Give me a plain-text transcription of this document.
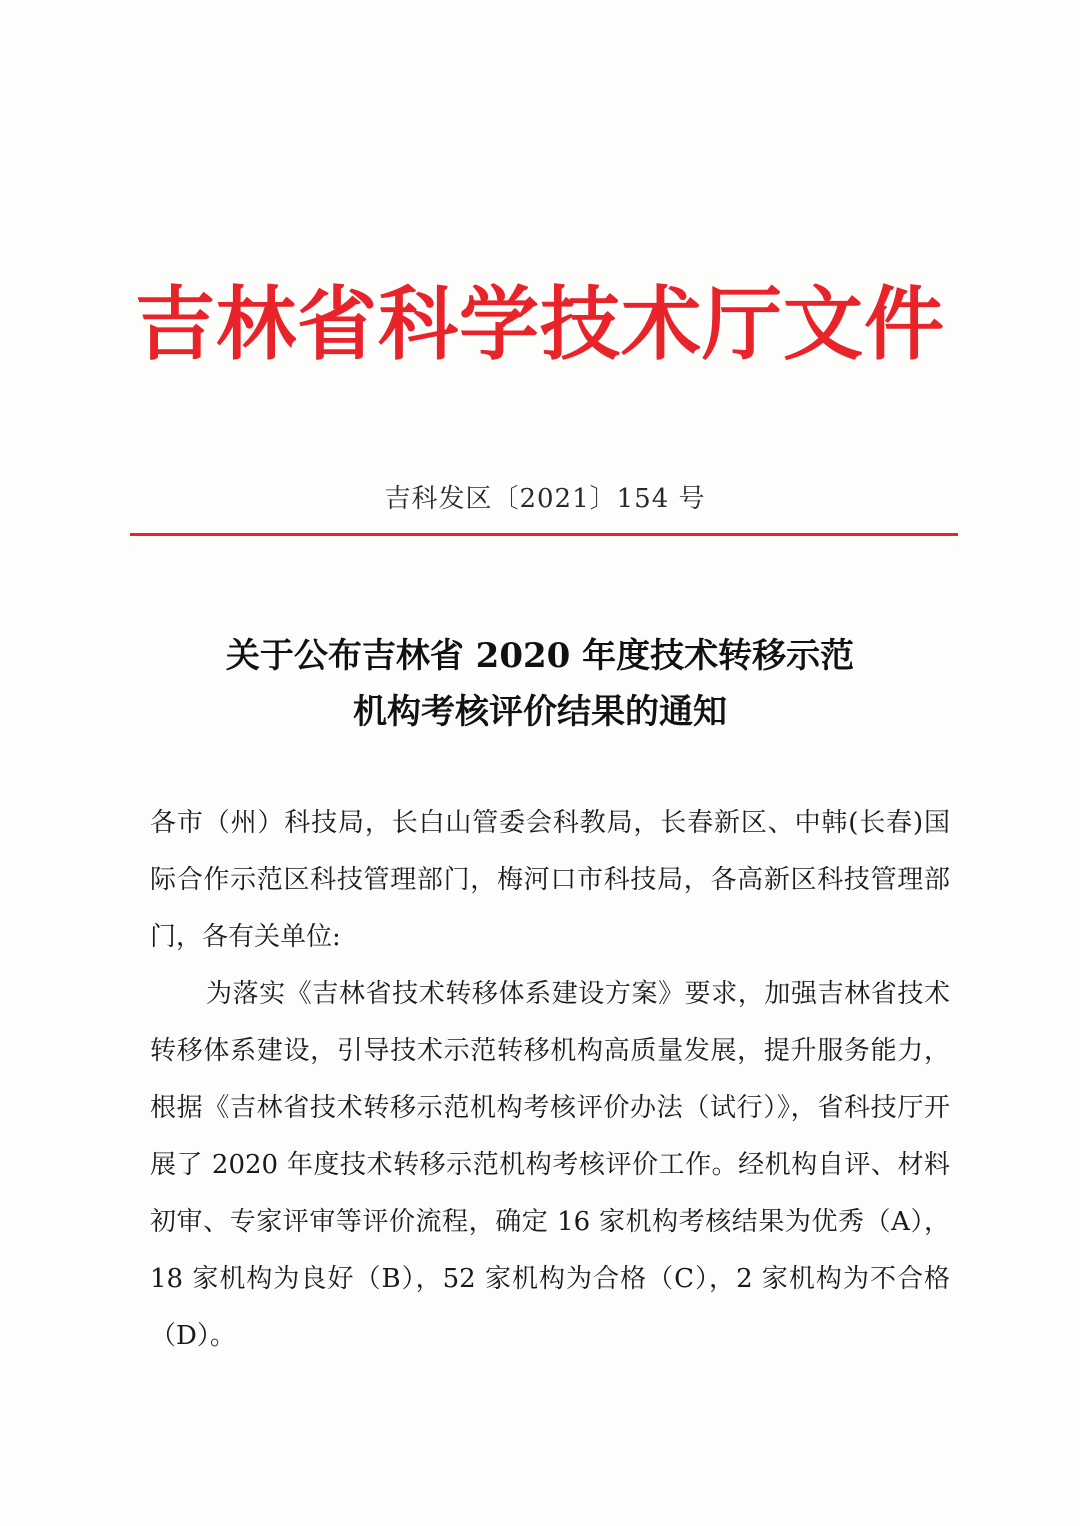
吉林省科学技术厅文件
吉科发区〔2021〕154 号
关于公布吉林省 2020 年度技术转移示范
机构考核评价结果的通知

各市（州）科技局，长白山管委会科教局，长春新区、中韩(长春)国际合作示范区科技管理部门，梅河口市科技局，各高新区科技管理部门，各有关单位:

为落实《吉林省技术转移体系建设方案》要求，加强吉林省技术转移体系建设，引导技术示范转移机构高质量发展，提升服务能力，根据《吉林省技术转移示范机构考核评价办法（试行）》，省科技厅开展了 2020 年度技术转移示范机构考核评价工作。经机构自评、材料初审、专家评审等评价流程，确定 16 家机构考核结果为优秀（A），18 家机构为良好（B），52 家机构为合格（C），2 家机构为不合格（D）。
